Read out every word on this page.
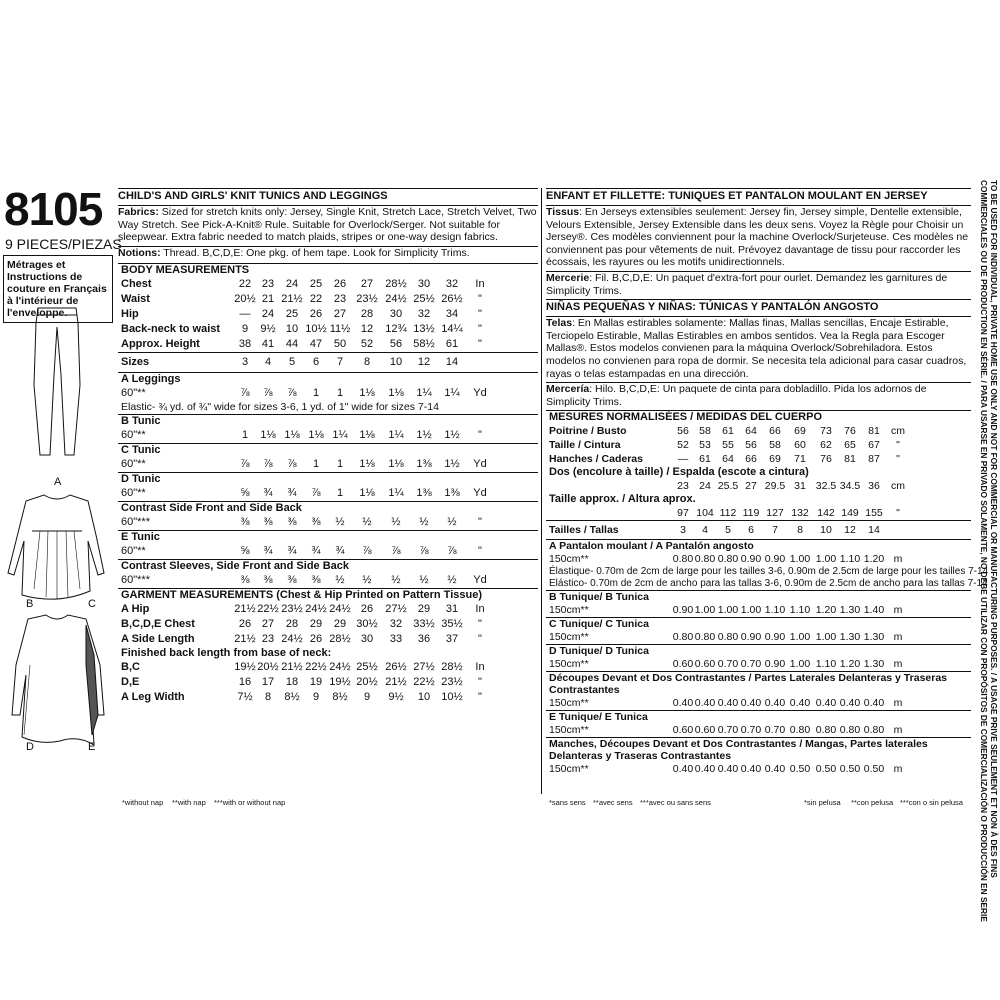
8105
9 PIECES/PIEZAS
Métrages et Instructions de couture en Français à l'intérieur de l'enveloppe.
A
B	C
D	E
CHILD'S AND GIRLS' KNIT TUNICS AND LEGGINGS
Fabrics: Sized for stretch knits only: Jersey, Single Knit, Stretch Lace, Stretch Velvet, Two Way Stretch. See Pick-A-Knit® Rule. Suitable for Overlock/Serger. Not suitable for sleepwear. Extra fabric needed to match plaids, stripes or one-way design fabrics.
Notions: Thread. B,C,D,E: One pkg. of hem tape. Look for Simplicity Trims.
BODY MEASUREMENTS
Chest	22 23	24	25	26	27	28½	30	32	In
Waist	20½ 21 21½ 22	23 23½ 24½ 25½ 26½	"
Hip	—	24	25	26	27	28	30	32	34	"
Back-neck to waist	9	9½ 10 10½ 11½ 12	12¾ 13½ 14¼	"
Approx. Height	38 41	44	47	50	52	56	58½	61	"
Sizes	3	4	5	6	7	8	10	12	14
A Leggings
60"**	⅞	⅞	⅞	1	1	1⅛	1⅛	1¼	1¼	Yd
Elastic- ¾ yd. of ¾" wide for sizes 3-6, 1 yd. of 1" wide for sizes 7-14
B Tunic
60"**	1	1⅛ 1⅛ 1⅛ 1¼	1⅛	1¼	1½	1½	"
C Tunic
60"**	⅞	⅞	⅞	1	1	1⅛	1⅛	1⅜	1½	Yd
D Tunic
60"**	⅝	¾	¾	⅞	1	1⅛	1¼	1⅜	1⅜	Yd
Contrast Side Front and Side Back
60"***	⅜	⅜	⅜	⅜	½	½	½	½	½	"
E Tunic
60"**	⅝	¾	¾	¾	¾	⅞	⅞	⅞	⅞	"
Contrast Sleeves, Side Front and Side Back
60"***	⅜	⅜	⅜	⅜	½	½	½	½	½	Yd
GARMENT MEASUREMENTS (Chest & Hip Printed on Pattern Tissue)
A Hip	21½ 22½ 23½ 24½ 24½ 26	27½	29	31	In
B,C,D,E Chest	26 27	28	29	29 30½	32	33½ 35½	"
A Side Length	21½ 23 24½ 26 28½ 30	33	36	37	"
Finished back length from base of neck:
B,C	19½ 20½ 21½ 22½ 24½ 25½ 26½ 27½ 28½	In
D,E	16 17	18	19 19½ 20½ 21½ 22½ 23½	"
A Leg Width	7½	8	8½	9	8½	9	9½	10	10½	"
ENFANT ET FILLETTE: TUNIQUES ET PANTALON MOULANT EN JERSEY
Tissus: En Jerseys extensibles seulement: Jersey fin, Jersey simple, Dentelle extensible, Velours Extensible, Jersey Extensible dans les deux sens. Voyez la Règle pour Choisir un Jersey®. Ces modèles conviennent pour la machine Overlock/Surjeteuse. Ces modèles ne conviennent pas pour vêtements de nuit. Prévoyez davantage de tissu pour raccorder les écossais, les rayures ou les motifs unidirectionnels.
Mercerie: Fil. B,C,D,E: Un paquet d'extra-fort pour ourlet. Demandez les garnitures de Simplicity Trims.
NIÑAS PEQUEÑAS Y NIÑAS: TÚNICAS Y PANTALÓN ANGOSTO
Telas: En Mallas estirables solamente: Mallas finas, Mallas sencillas, Encaje Estirable, Terciopelo Estirable, Mallas Estirables en ambos sentidos. Vea la Regla para Escoger Mallas®. Estos modelos convienen para la máquina Overlock/Sobrehiladora. Estos modelos no convienen para ropa de dormir. Se necesita tela adicional para casar cuadros, rayas o telas estampadas en una dirección.
Mercería: Hilo. B,C,D,E: Un paquete de cinta para dobladillo. Pida los adornos de Simplicity Trims.
MESURES NORMALISÉES / MEDIDAS DEL CUERPO
Poitrine / Busto	56 58	61	64	66	69	73	76	81	cm
Taille / Cintura	52 53	55	56	58	60	62	65	67	"
Hanches / Caderas	—	61	64	66	69	71	76	81	87	"
Dos (encolure à taille) / Espalda (escote a cintura)
23 24 25.5 27 29.5 31 32.5 34.5 36	cm
Taille approx. / Altura aprox.
97 104 112 119 127 132 142 149 155	"
Tailles / Tallas	3	4	5	6	7	8	10	12	14
A Pantalon moulant / A Pantalón angosto
150cm**	0.80 0.80 0.80 0.90 0.90 1.00 1.00 1.10 1.20 m
Élastique- 0.70m de 2cm de large pour les tailles 3-6, 0.90m de 2.5cm de large pour les tailles 7-14
Elástico- 0.70m de 2cm de ancho para las tallas 3-6, 0.90m de 2.5cm de ancho para las tallas 7-14
B Tunique/ B Tunica
150cm**	0.90 1.00 1.00 1.00 1.10 1.10 1.20 1.30 1.40 m
C Tunique/ C Tunica
150cm**	0.80 0.80 0.80 0.90 0.90 1.00 1.00 1.30 1.30 m
D Tunique/ D Tunica
150cm**	0.60 0.60 0.70 0.70 0.90 1.00 1.10 1.20 1.30 m
Découpes Devant et Dos Contrastantes / Partes Laterales Delanteras y Traseras Contrastantes
150cm**	0.40 0.40 0.40 0.40 0.40 0.40 0.40 0.40 0.40 m
E Tunique/ E Tunica
150cm**	0.60 0.60 0.70 0.70 0.70 0.80 0.80 0.80 0.80 m
Manches, Découpes Devant et Dos Contrastantes / Mangas, Partes laterales Delanteras y Traseras Contrastantes
150cm**	0.40 0.40 0.40 0.40 0.40 0.50 0.50 0.50 0.50 m
*without nap **with nap ***with or without nap	*sans sens **avec sens ***avec ou sans sens	*sin pelusa **con pelusa ***con o sin pelusa	TO BE USED FOR INDIVIDUAL, PRIVATE HOME USE ONLY AND NOT FOR COMMERCIAL OR MANUFACTURING PURPOSES. / A USAGE PRIVE SEULEMENT ET NON À DES FINS
COMMERCIALES OU DE PRODUCTION EN SÉRIE. / PARA USARSE EN PRIVADO SOLAMENTE, NO DEBE UTILIZAR CON PROPÓSITOS DE COMERCIALIZACIÓN O PRODUCCIÓN EN SERIE
